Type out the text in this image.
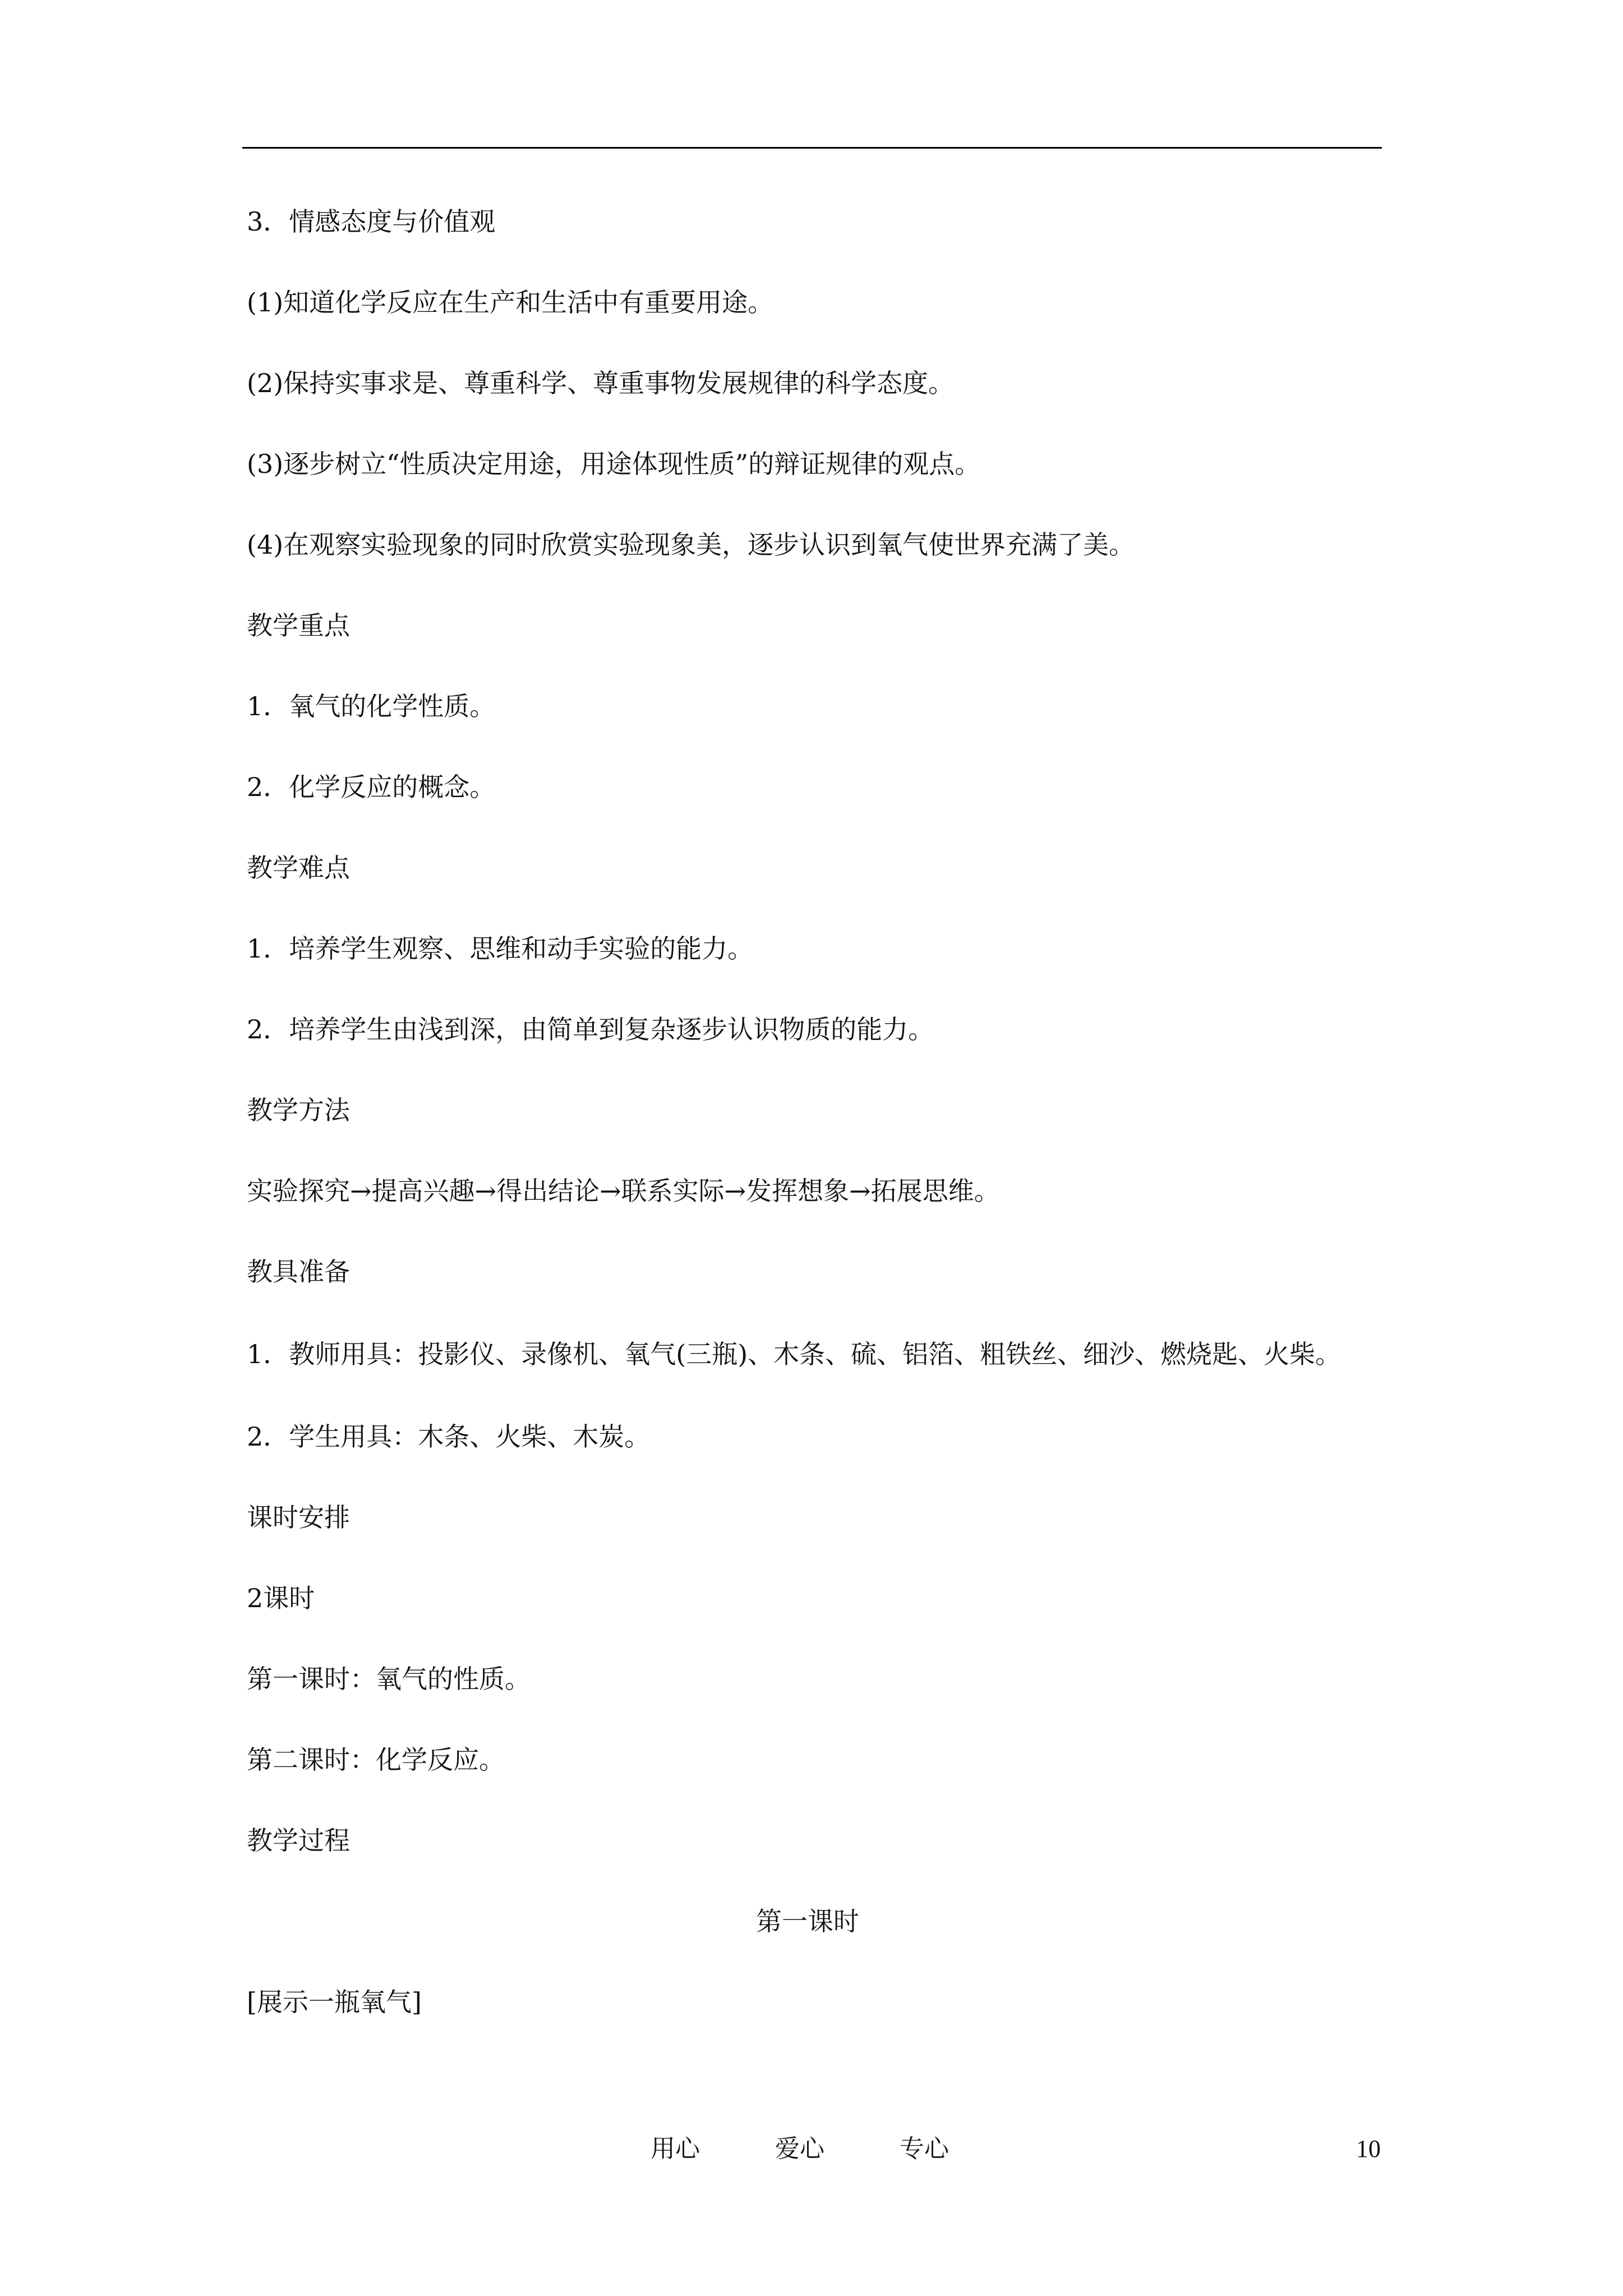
3．情感态度与价值观

(1)知道化学反应在生产和生活中有重要用途。

(2)保持实事求是、尊重科学、尊重事物发展规律的科学态度。

(3)逐步树立“性质决定用途，用途体现性质”的辩证规律的观点。

(4)在观察实验现象的同时欣赏实验现象美，逐步认识到氧气使世界充满了美。

教学重点

1．氧气的化学性质。

2．化学反应的概念。

教学难点

1．培养学生观察、思维和动手实验的能力。

2．培养学生由浅到深，由简单到复杂逐步认识物质的能力。

教学方法

实验探究→提高兴趣→得出结论→联系实际→发挥想象→拓展思维。

教具准备

1．教师用具：投影仪、录像机、氧气(三瓶)、木条、硫、铝箔、粗铁丝、细沙、燃烧匙、火柴。

2．学生用具：木条、火柴、木炭。

课时安排

2课时

第一课时：氧气的性质。

第二课时：化学反应。

教学过程

第一课时

[展示一瓶氧气]

用心	爱心	专心	10
